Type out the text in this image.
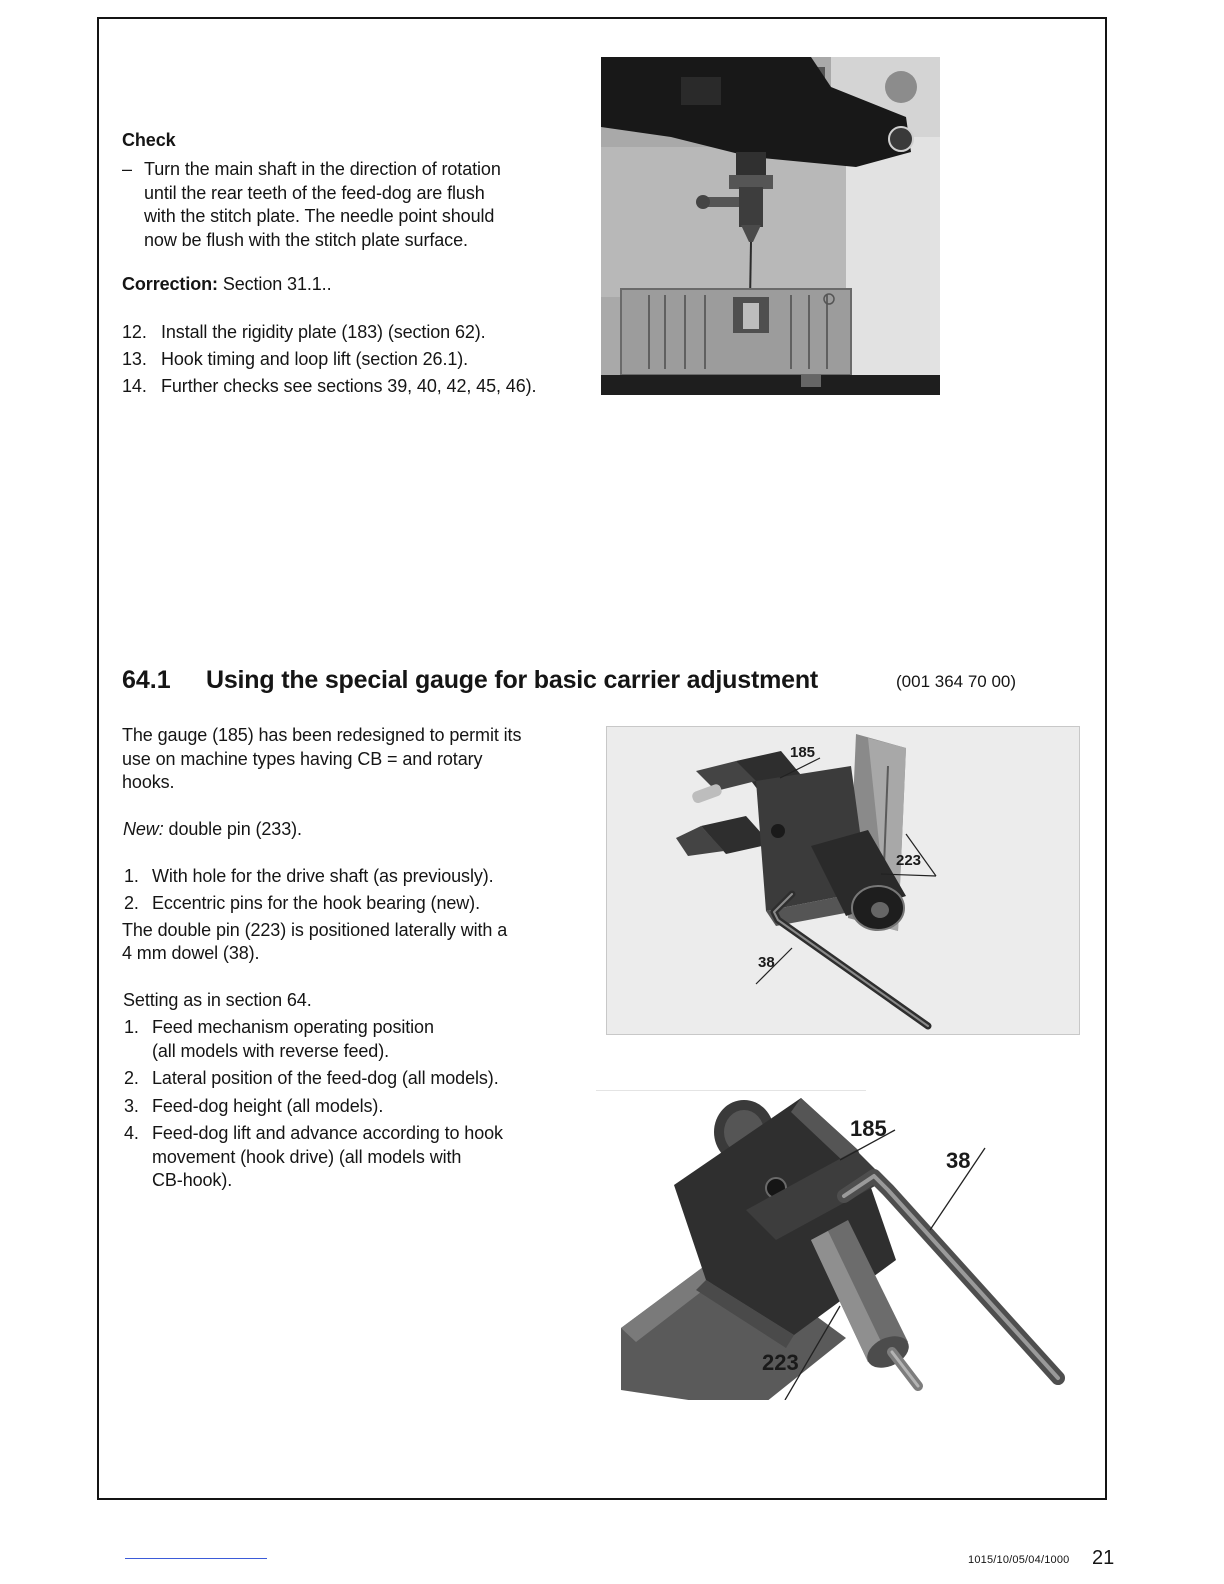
Check
– Turn the main shaft in the direction of rotation
until the rear teeth of the feed-dog are flush
with the stitch plate. The needle point should
now be flush with the stitch plate surface.
Correction: Section 31.1..
12. Install the rigidity plate (183) (section 62).
13. Hook timing and loop lift (section 26.1).
14. Further checks see sections 39, 40, 42, 45, 46).
64.1 Using the special gauge for basic carrier adjustment	(001 364 70 00)
The gauge (185) has been redesigned to permit its
use on machine types having CB = and rotary
hooks.
New: double pin (233).
1. With hole for the drive shaft (as previously).
2. Eccentric pins for the hook bearing (new).
The double pin (223) is positioned laterally with a
4 mm dowel (38).
Setting as in section 64.
1. Feed mechanism operating position
(all models with reverse feed).
2. Lateral position of the feed-dog (all models).
3. Feed-dog height (all models).
4. Feed-dog lift and advance according to hook
movement (hook drive) (all models with
CB-hook).
185
223
38
185
38
223
1015/10/05/04/1000 21
